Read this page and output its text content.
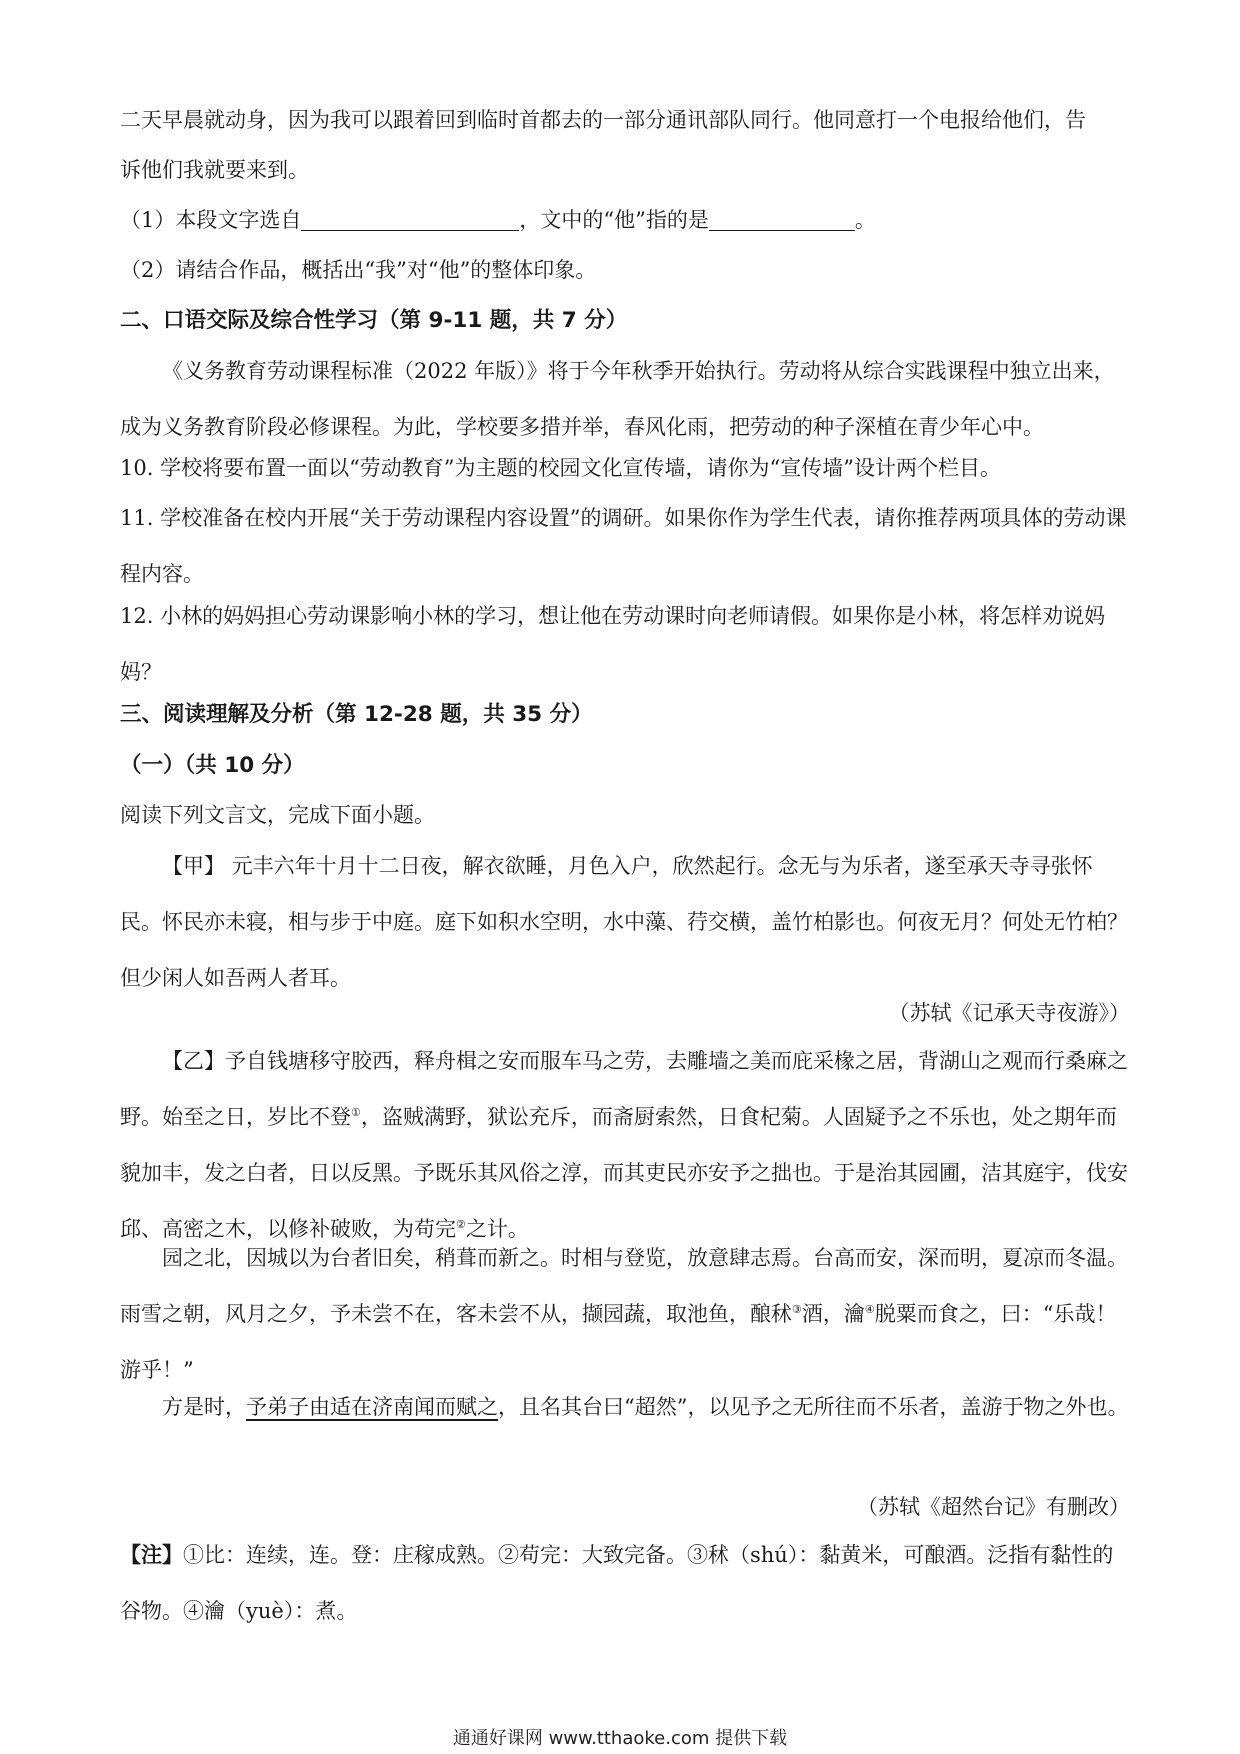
二天早晨就动身，因为我可以跟着回到临时首都去的一部分通讯部队同行。他同意打一个电报给他们，告

诉他们我就要来到。

（1）本段文字选自	，文中的“他”指的是	。

（2）请结合作品，概括出“我”对“他”的整体印象。

二、口语交际及综合性学习（第 9-11 题，共 7 分）

《义务教育劳动课程标准（2022 年版）》将于今年秋季开始执行。劳动将从综合实践课程中独立出来，成为义务教育阶段必修课程。为此，学校要多措并举，春风化雨，把劳动的种子深植在青少年心中。

10. 学校将要布置一面以“劳动教育”为主题的校园文化宣传墙，请你为“宣传墙”设计两个栏目。

11. 学校准备在校内开展“关于劳动课程内容设置”的调研。如果你作为学生代表，请你推荐两项具体的劳动课程内容。

12. 小林的妈妈担心劳动课影响小林的学习，想让他在劳动课时向老师请假。如果你是小林，将怎样劝说妈妈？

三、阅读理解及分析（第 12-28 题，共 35 分）

（一）（共 10 分）

阅读下列文言文，完成下面小题。

【甲】 元丰六年十月十二日夜，解衣欲睡，月色入户，欣然起行。念无与为乐者，遂至承天寺寻张怀民。怀民亦未寝，相与步于中庭。庭下如积水空明，水中藻、荇交横，盖竹柏影也。何夜无月？何处无竹柏？但少闲人如吾两人者耳。

（苏轼《记承天寺夜游》）

【乙】予自钱塘移守胶西，释舟楫之安而服车马之劳，去雕墙之美而庇采椽之居，背湖山之观而行桑麻之野。始至之日，岁比不登①，盗贼满野，狱讼充斥，而斋厨索然，日食杞菊。人固疑予之不乐也，处之期年而貌加丰，发之白者，日以反黑。予既乐其风俗之淳，而其吏民亦安予之拙也。于是治其园圃，洁其庭宇，伐安邱、高密之木，以修补破败，为苟完②之计。

园之北，因城以为台者旧矣，稍葺而新之。时相与登览，放意肆志焉。台高而安，深而明，夏凉而冬温。雨雪之朝，风月之夕，予未尝不在，客未尝不从，撷园蔬，取池鱼，酿秫③酒，瀹④脱粟而食之，曰：“乐哉！游乎！”

方是时，予弟子由适在济南闻而赋之，且名其台曰“超然”，以见予之无所往而不乐者，盖游于物之外也。

（苏轼《超然台记》有删改）

【注】①比：连续，连。登：庄稼成熟。②苟完：大致完备。③秫（shú）：黏黄米，可酿酒。泛指有黏性的谷物。④瀹（yuè）：煮。

通通好课网 www.tthaoke.com 提供下载
